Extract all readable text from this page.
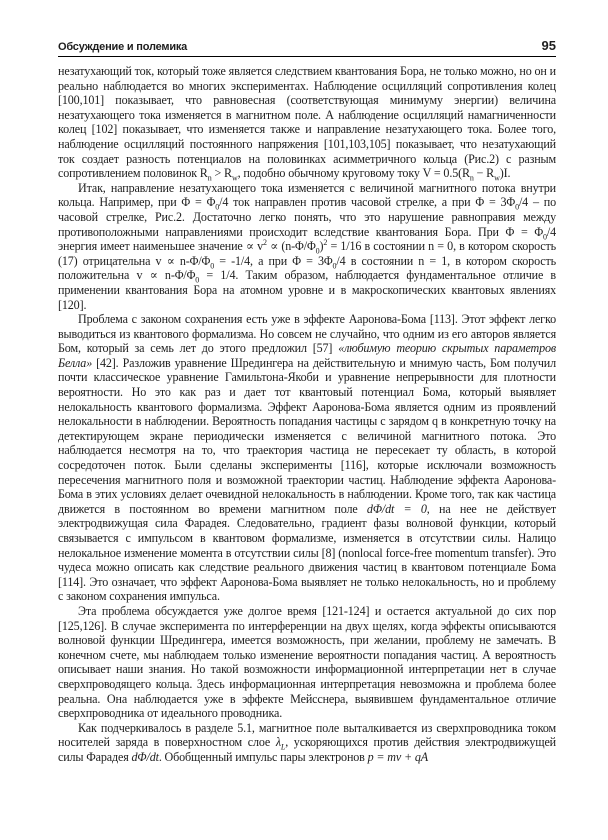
Обсуждение и полемика	95

незатухающий ток, который тоже является следствием квантования Бора, не только можно, но он и реально наблюдается во многих экспериментах. Наблюдение осцилляций сопротивления колец [100,101] показывает, что равновесная (соответствующая минимуму энергии) величина незатухающего тока изменяется в магнитном поле. А наблюдение осцилляций намагниченности колец [102] показывает, что изменяется также и направление незатухающего тока. Более того, наблюдение осцилляций постоянного напряжения [101,103,105] показывает, что незатухающий ток создает разность потенциалов на половинках асимметричного кольца (Рис.2) с разным сопротивлением половинок $R_n > R_w$, подобно обычному круговому току $V = 0.5(R_n - R_w)I$.

Итак, направление незатухающего тока изменяется с величиной магнитного потока внутри кольца. Например, при $\Phi = \Phi_0/4$ ток направлен против часовой стрелке, а при $\Phi = 3\Phi_0/4$ – по часовой стрелке, Рис.2. Достаточно легко понять, что это нарушение равноправия между противоположными направлениями происходит вследствие квантования Бора. При $\Phi = \Phi_0/4$ энергия имеет наименьшее значение ∝ $v^2 \propto (n-\Phi/\Phi_0)^2 = 1/16$ в состоянии n = 0, в котором скорость (17) отрицательна $v \propto n-\Phi/\Phi_0 = -1/4$, а при $\Phi = 3\Phi_0/4$ в состоянии n = 1, в котором скорость положительна $v \propto n-\Phi/\Phi_0 = 1/4$. Таким образом, наблюдается фундаментальное отличие в применении квантования Бора на атомном уровне и в макроскопических квантовых явлениях [120].

Проблема с законом сохранения есть уже в эффекте Ааронова-Бома [113]. Этот эффект легко выводиться из квантового формализма. Но совсем не случайно, что одним из его авторов является Бом, который за семь лет до этого предложил [57] «любимую теорию скрытых параметров Белла» [42]. Разложив уравнение Шредингера на действительную и мнимую часть, Бом получил почти классическое уравнение Гамильтона-Якоби и уравнение непрерывности для плотности вероятности. Но это как раз и дает тот квантовый потенциал Бома, который выявляет нелокальность квантового формализма. Эффект Ааронова-Бома является одним из проявлений нелокальности в наблюдении. Вероятность попадания частицы с зарядом q в конкретную точку на детектирующем экране периодически изменяется с величиной магнитного потока. Это наблюдается несмотря на то, что траектория частица не пересекает ту область, в которой сосредоточен поток. Были сделаны эксперименты [116], которые исключали возможность пересечения магнитного поля и возможной траектории частиц. Наблюдение эффекта Ааронова-Бома в этих условиях делает очевидной нелокальность в наблюдении. Кроме того, так как частица движется в постоянном во времени магнитном поле dΦ/dt = 0, на нее не действует электродвижущая сила Фарадея. Следовательно, градиент фазы волновой функции, который связывается с импульсом в квантовом формализме, изменяется в отсутствии силы. Налицо нелокальное изменение момента в отсутствии силы [8] (nonlocal force-free momentum transfer). Это чудеса можно описать как следствие реального движения частиц в квантовом потенциале Бома [114]. Это означает, что эффект Ааронова-Бома выявляет не только нелокальность, но и проблему с законом сохранения импульса.

Эта проблема обсуждается уже долгое время [121-124] и остается актуальной до сих пор [125,126]. В случае эксперимента по интерференции на двух щелях, когда эффекты описываются волновой функции Шредингера, имеется возможность, при желании, проблему не замечать. В конечном счете, мы наблюдаем только изменение вероятности попадания частиц. А вероятность описывает наши знания. Но такой возможности информационной интерпретации нет в случае сверхпроводящего кольца. Здесь информационная интерпретация невозможна и проблема более реальна. Она наблюдается уже в эффекте Мейсснера, выявившем фундаментальное отличие сверхпроводника от идеального проводника.

Как подчеркивалось в разделе 5.1, магнитное поле выталкивается из сверхпроводника током носителей заряда в поверхностном слое $\lambda_L$, ускоряющихся против действия электродвижущей силы Фарадея dΦ/dt. Обобщенный импульс пары электронов p = mv + qA
